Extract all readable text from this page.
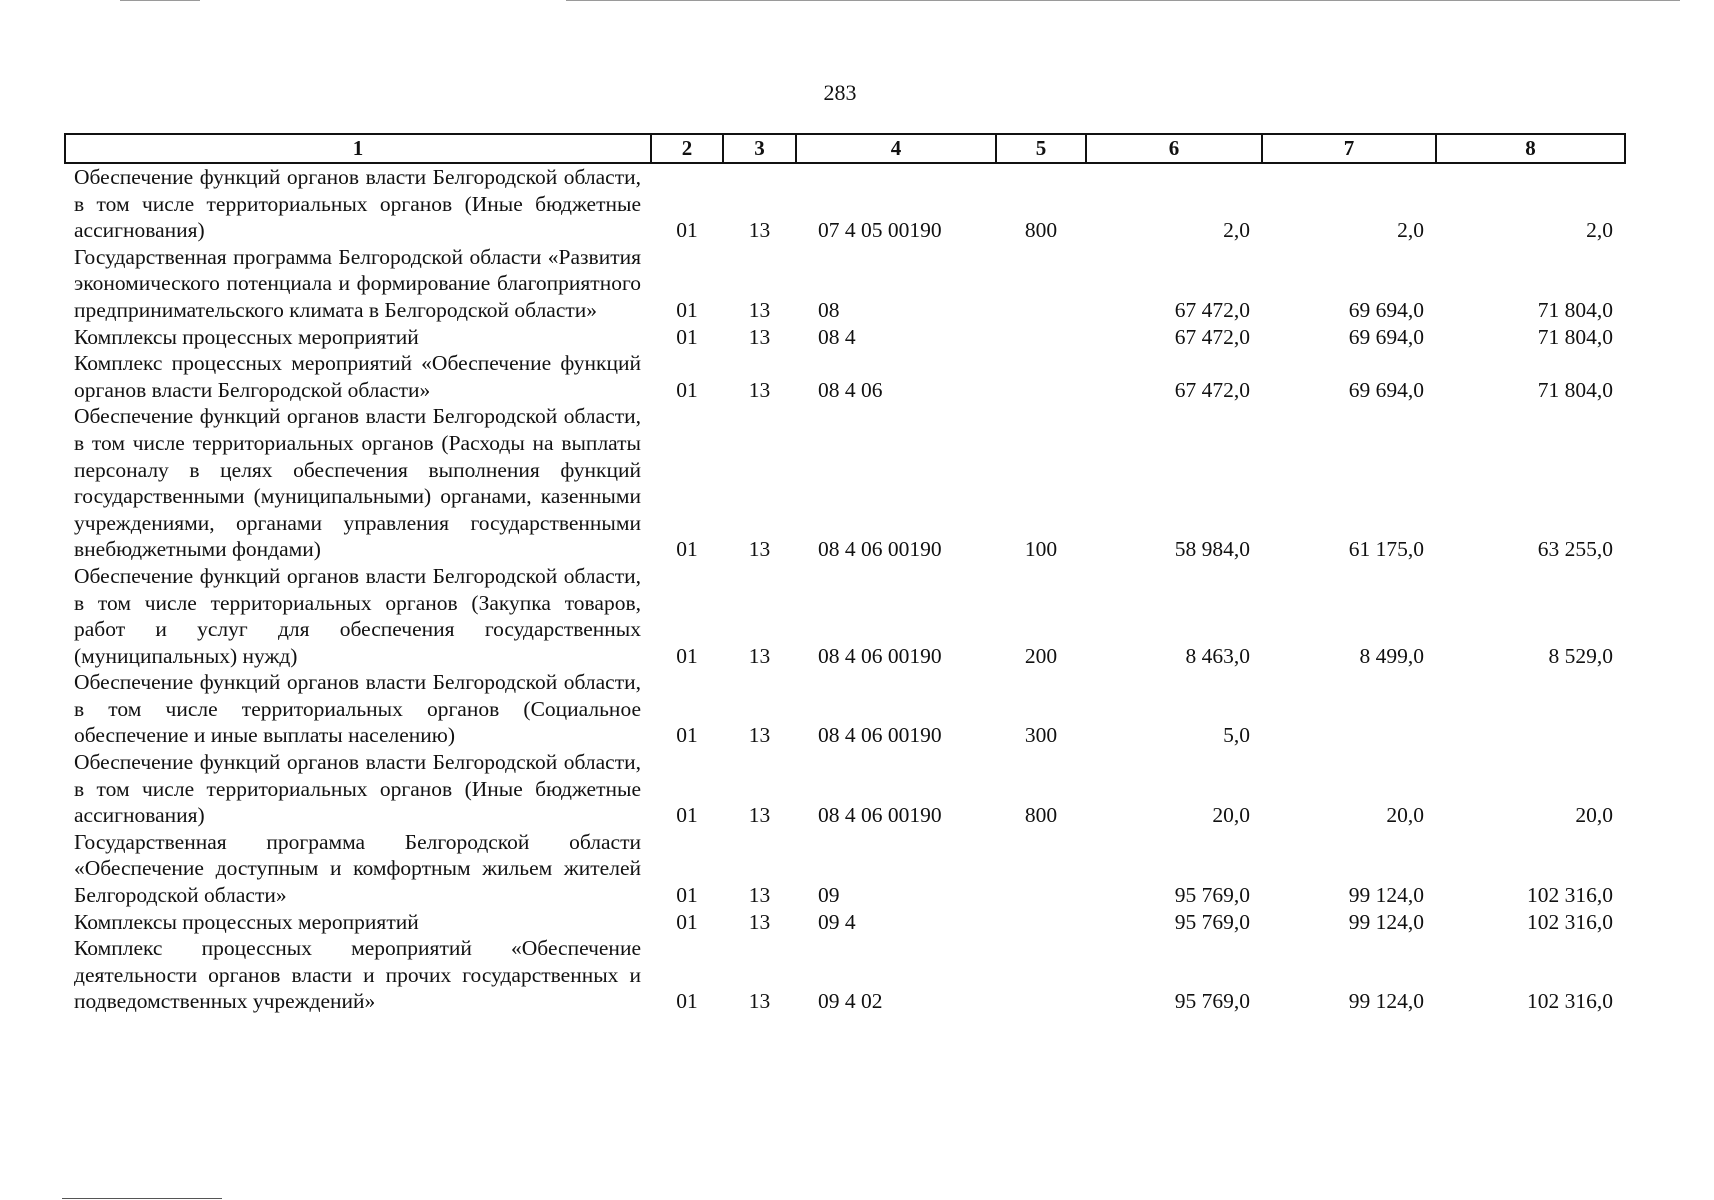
283
1	2	3	4	5	6	7	8
Обеспечение функций органов власти Белгородской области, в том числе территориальных органов (Иные бюджетные ассигнования)	01	13	07 4 05 00190	800	2,0	2,0	2,0
Государственная программа Белгородской области «Развития экономического потенциала и формирование благоприятного предпринимательского климата в Белгородской области»	01	13	08		67 472,0	69 694,0	71 804,0
Комплексы процессных мероприятий	01	13	08 4		67 472,0	69 694,0	71 804,0
Комплекс процессных мероприятий «Обеспечение функций органов власти Белгородской области»	01	13	08 4 06		67 472,0	69 694,0	71 804,0
Обеспечение функций органов власти Белгородской области, в том числе территориальных органов (Расходы на выплаты персоналу в целях обеспечения выполнения функций государственными (муниципальными) органами, казенными учреждениями, органами управления государственными внебюджетными фондами)	01	13	08 4 06 00190	100	58 984,0	61 175,0	63 255,0
Обеспечение функций органов власти Белгородской области, в том числе территориальных органов (Закупка товаров, работ и услуг для обеспечения государственных (муниципальных) нужд)	01	13	08 4 06 00190	200	8 463,0	8 499,0	8 529,0
Обеспечение функций органов власти Белгородской области, в том числе территориальных органов (Социальное обеспечение и иные выплаты населению)	01	13	08 4 06 00190	300	5,0		
Обеспечение функций органов власти Белгородской области, в том числе территориальных органов (Иные бюджетные ассигнования)	01	13	08 4 06 00190	800	20,0	20,0	20,0
Государственная программа Белгородской области «Обеспечение доступным и комфортным жильем жителей Белгородской области»	01	13	09		95 769,0	99 124,0	102 316,0
Комплексы процессных мероприятий	01	13	09 4		95 769,0	99 124,0	102 316,0
Комплекс процессных мероприятий «Обеспечение деятельности органов власти и прочих государственных и подведомственных учреждений»	01	13	09 4 02		95 769,0	99 124,0	102 316,0
